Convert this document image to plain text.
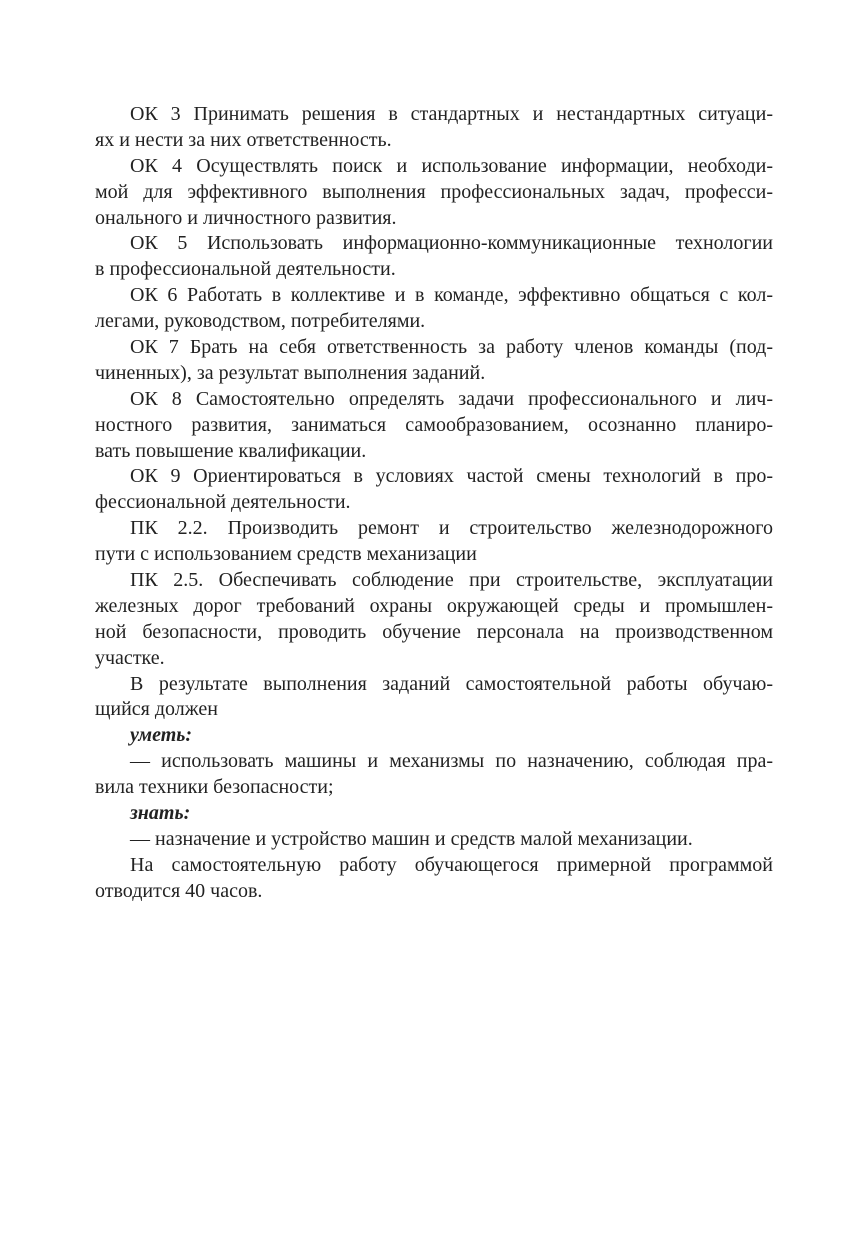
ОК 3 Принимать решения в стандартных и нестандартных ситуаци-
ях и нести за них ответственность.
ОК 4 Осуществлять поиск и использование информации, необходи-
мой для эффективного выполнения профессиональных задач, професси-
онального и личностного развития.
ОК 5 Использовать информационно-коммуникационные технологии
в профессиональной деятельности.
ОК 6 Работать в коллективе и в команде, эффективно общаться с кол-
легами, руководством, потребителями.
ОК 7 Брать на себя ответственность за работу членов команды (под-
чиненных), за результат выполнения заданий.
ОК 8 Самостоятельно определять задачи профессионального и лич-
ностного развития, заниматься самообразованием, осознанно планиро-
вать повышение квалификации.
ОК 9 Ориентироваться в условиях частой смены технологий в про-
фессиональной деятельности.
ПК 2.2. Производить ремонт и строительство железнодорожного
пути с использованием средств механизации
ПК 2.5. Обеспечивать соблюдение при строительстве, эксплуатации
железных дорог требований охраны окружающей среды и промышлен-
ной безопасности, проводить обучение персонала на производственном
участке.
В результате выполнения заданий самостоятельной работы обучаю-
щийся должен
уметь:
— использовать машины и механизмы по назначению, соблюдая пра-
вила техники безопасности;
знать:
— назначение и устройство машин и средств малой механизации.
На самостоятельную работу обучающегося примерной программой
отводится 40 часов.
